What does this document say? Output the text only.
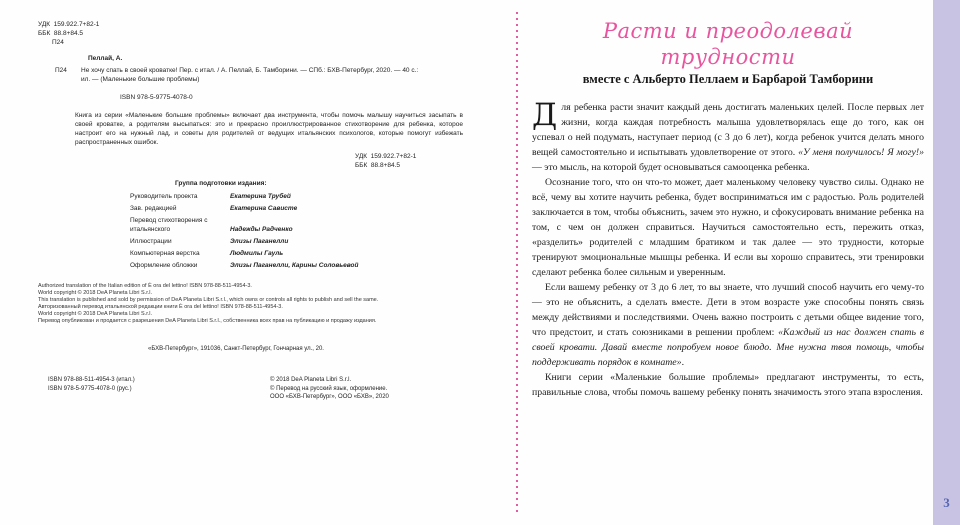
УДК  159.922.7+82-1
ББК  88.8+84.5
П24
Пеллай, А.
П24	Не хочу спать в своей кроватке! Пер. с итал. / А. Пеллай, Б. Тамборини. — СПб.: БХВ-Петербург, 2020. — 40 с.: ил. — (Маленькие большие проблемы)
ISBN 978-5-9775-4078-0

Книга из серии «Маленькие большие проблемы» включает два инструмента, чтобы помочь малышу научиться засыпать в своей кроватке, а родителям высыпаться: это и прекрасно проиллюстрированное стихотворение для ребенка, которое настроит его на нужный лад, и советы для родителей от ведущих итальянских психологов, которые помогут избежать распространенных ошибок.

УДК  159.922.7+82-1
ББК  88.8+84.5
Группа подготовки издания:
Руководитель проекта	Екатерина Трубей
Зав. редакцией	Екатерина Сависте
Перевод стихотворения с итальянского	Надежды Радченко
Иллюстрации	Элизы Паганелли
Компьютерная верстка	Людмилы Гауль
Оформление обложки	Элизы Паганелли, Карины Соловьевой

Authorized translation of the Italian edition of È ora del lettino! ISBN 978-88-511-4954-3.

World copyright © 2018 DeA Planeta Libri S.r.l.

This translation is published and sold by permission of DeA Planeta Libri S.r.l., which owns or controls all rights to publish and sell the same.

Авторизованный перевод итальянской редакции книги È ora del lettino! ISBN 978-88-511-4954-3.

World copyright © 2018 DeA Planeta Libri S.r.l.

Перевод опубликован и продается с разрешения DeA Planeta Libri S.r.l., собственника всех прав на публикацию и продажу издания.

«БХВ-Петербург», 191036, Санкт-Петербург, Гончарная ул., 20.
ISBN 978-88-511-4954-3 (итал.)
ISBN 978-5-9775-4078-0 (рус.)
© 2018 DeA Planeta Libri S.r.l.
© Перевод на русский язык, оформление.
ООО «БХВ-Петербург», ООО «БХВ», 2020
Расти и преодолевай трудности
вместе с Альберто Пеллаем и Барбарой Тамборини

Для ребенка расти значит каждый день достигать маленьких целей. После первых лет жизни, когда каждая потребность малыша удовлетворялась еще до того, как он успевал о ней подумать, наступает период (с 3 до 6 лет), когда ребенок учится делать много вещей самостоятельно и испытывать удовлетворение от этого. «У меня получилось! Я могу!» — это мысль, на которой будет основываться самооценка ребенка.

Осознание того, что он что-то может, дает маленькому человеку чувство силы. Однако не всё, чему вы хотите научить ребенка, будет восприниматься им с радостью. Роль родителей заключается в том, чтобы объяснить, зачем это нужно, и сфокусировать внимание ребенка на том, с чем он должен справиться. Научиться самостоятельно есть, пережить отказ, «разделить» родителей с младшим братиком и так далее — это трудности, которые тренируют эмоциональные мышцы ребенка. И если вы хорошо справитесь, эти тренировки сделают ребенка более сильным и уверенным.

Если вашему ребенку от 3 до 6 лет, то вы знаете, что лучший способ научить его чему-то — это не объяснить, а сделать вместе. Дети в этом возрасте уже способны понять связь между действиями и последствиями. Очень важно построить с детьми общее видение того, что предстоит, и стать союзниками в решении проблем: «Каждый из нас должен спать в своей кровати. Давай вместе попробуем новое блюдо. Мне нужна твоя помощь, чтобы поддерживать порядок в комнате».

Книги серии «Маленькие большие проблемы» предлагают инструменты, то есть, правильные слова, чтобы помочь вашему ребенку понять значимость этого этапа взросления.

3
